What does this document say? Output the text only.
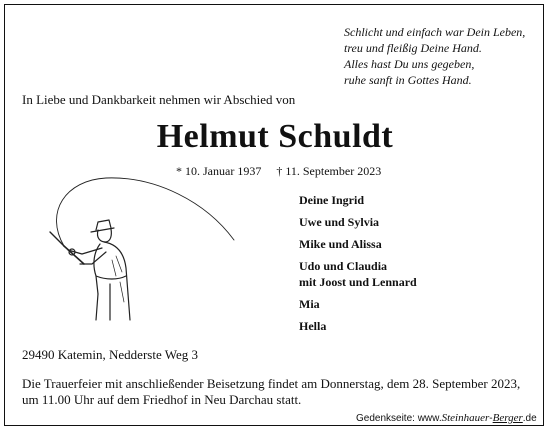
Schlicht und einfach war Dein Leben,
treu und fleißig Deine Hand.
Alles hast Du uns gegeben,
ruhe sanft in Gottes Hand.
In Liebe und Dankbarkeit nehmen wir Abschied von
Helmut Schuldt
* 10. Januar 1937 † 11. September 2023
Deine Ingrid
Uwe und Sylvia
Mike und Alissa
Udo und Claudia
mit Joost und Lennard
Mia
Hella
29490 Katemin, Nedderste Weg 3
Die Trauerfeier mit anschließender Beisetzung findet am Donnerstag, dem 28. September 2023,
um 11.00 Uhr auf dem Friedhof in Neu Darchau statt.
Gedenkseite: www.Steinhauer-Berger.de
